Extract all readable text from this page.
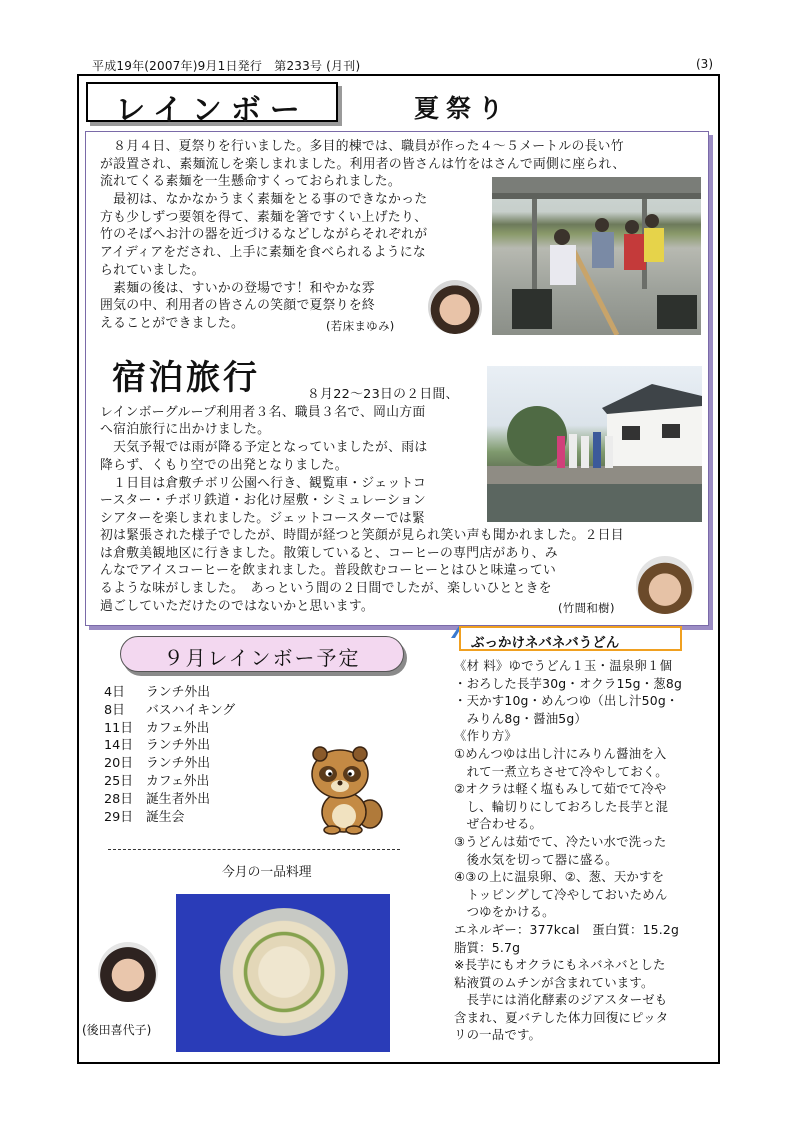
平成19年(2007年)9月1日発行　第233号 (月刊)	(3)
レインボー	夏祭り
　８月４日、夏祭りを行いました。多目的棟では、職員が作った４～５メートルの長い竹
が設置され、素麺流しを楽しまれました。利用者の皆さんは竹をはさんで両側に座られ、
流れてくる素麺を一生懸命すくっておられました。
　最初は、なかなかうまく素麺をとる事のできなかった
方も少しずつ要領を得て、素麺を箸ですくい上げたり、
竹のそばへお汁の器を近づけるなどしながらそれぞれが
アイディアをだされ、上手に素麺を食べられるようにな
られていました。
　素麺の後は、すいかの登場です！和やかな雰
囲気の中、利用者の皆さんの笑顔で夏祭りを終
えることができました。	(若床まゆみ)
宿泊旅行	８月22～23日の２日間、
レインボーグループ利用者３名、職員３名で、岡山方面
へ宿泊旅行に出かけました。
　天気予報では雨が降る予定となっていましたが、雨は
降らず、くもり空での出発となりました。
　１日目は倉敷チボリ公園へ行き、観覧車・ジェットコ
ースター・チボリ鉄道・お化け屋敷・シミュレーション
シアターを楽しまれました。ジェットコースターでは緊
初は緊張された様子でしたが、時間が経つと笑顔が見られ笑い声も聞かれました。２日目
は倉敷美観地区に行きました。散策していると、コーヒーの専門店があり、み
んなでアイスコーヒーを飲まれました。普段飲むコーヒーとはひと味違ってい
るような味がしました。　あっという間の２日間でしたが、楽しいひとときを
過ごしていただけたのではないかと思います。	(竹間和樹)
９月レインボー予定
4日	ランチ外出
8日	バスハイキング
11日	カフェ外出
14日	ランチ外出
20日	ランチ外出
25日	カフェ外出
28日	誕生者外出
29日	誕生会
今月の一品料理
(後田喜代子)
ぶっかけネバネバうどん
《材 料》ゆでうどん１玉・温泉卵１個
・おろした長芋30g・オクラ15g・葱8g
・天かす10g・めんつゆ（出し汁50g・
　みりん8g・醤油5g）
《作り方》
①めんつゆは出し汁にみりん醤油を入
　れて一煮立ちさせて冷やしておく。
②オクラは軽く塩もみして茹でて冷や
　し、輪切りにしておろした長芋と混
　ぜ合わせる。
③うどんは茹でて、冷たい水で洗った
　後水気を切って器に盛る。
④③の上に温泉卵、②、葱、天かすを
　トッピングして冷やしておいためん
　つゆをかける。
エネルギー：377kcal　蛋白質：15.2g
脂質：5.7g
※長芋にもオクラにもネバネバとした
粘液質のムチンが含まれています。
　長芋には消化酵素のジアスターゼも
含まれ、夏バテした体力回復にピッタ
リの一品です。
